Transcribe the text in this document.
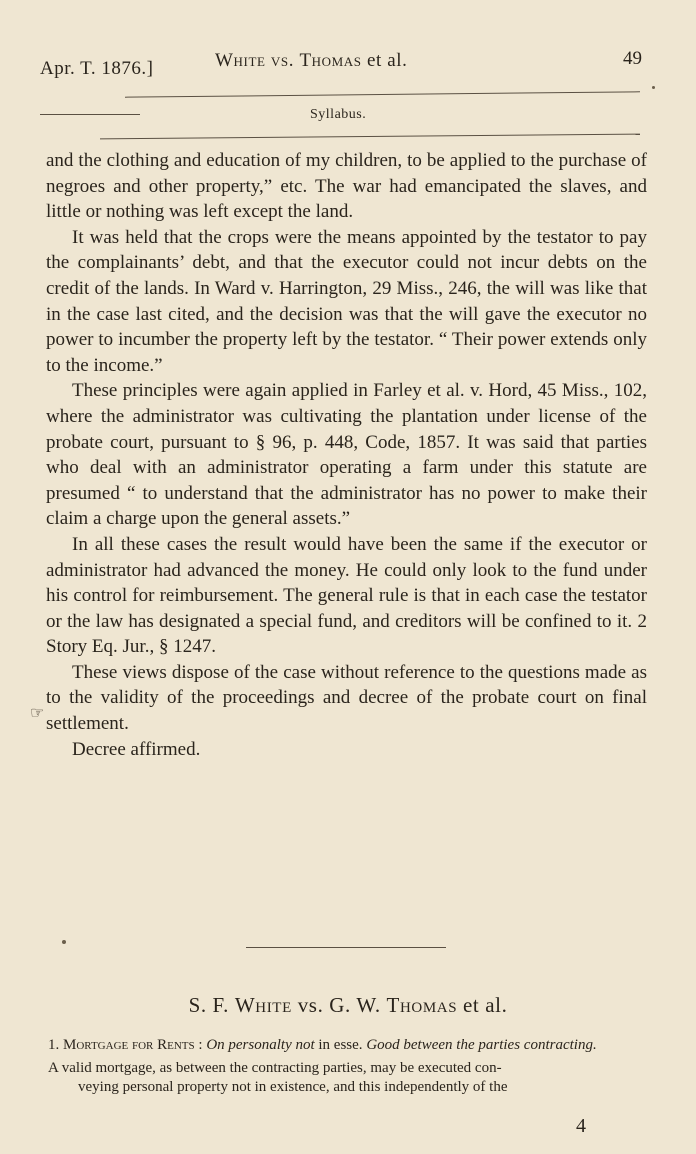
Apr. T. 1876.]	White vs. Thomas et al.	49
Syllabus.

and the clothing and education of my children, to be applied to the purchase of negroes and other property,” etc. The war had emancipated the slaves, and little or nothing was left except the land.

It was held that the crops were the means appointed by the testator to pay the complainants’ debt, and that the executor could not incur debts on the credit of the lands. In Ward v. Harrington, 29 Miss., 246, the will was like that in the case last cited, and the decision was that the will gave the executor no power to incumber the property left by the testator. “ Their power extends only to the income.”

These principles were again applied in Farley et al. v. Hord, 45 Miss., 102, where the administrator was cultivating the plantation under license of the probate court, pursuant to § 96, p. 448, Code, 1857. It was said that parties who deal with an administrator operating a farm under this statute are presumed “ to understand that the administrator has no power to make their claim a charge upon the general assets.”

In all these cases the result would have been the same if the executor or administrator had advanced the money. He could only look to the fund under his control for reimbursement. The general rule is that in each case the testator or the law has designated a special fund, and creditors will be confined to it. 2 Story Eq. Jur., § 1247.

These views dispose of the case without reference to the questions made as to the validity of the proceedings and decree of the probate court on final settlement.

Decree affirmed.

☞
S. F. White vs. G. W. Thomas et al.

1. Mortgage for Rents : On personalty not in esse. Good between the parties contracting.

A valid mortgage, as between the contracting parties, may be executed con-
veying personal property not in existence, and this independently of the

4
